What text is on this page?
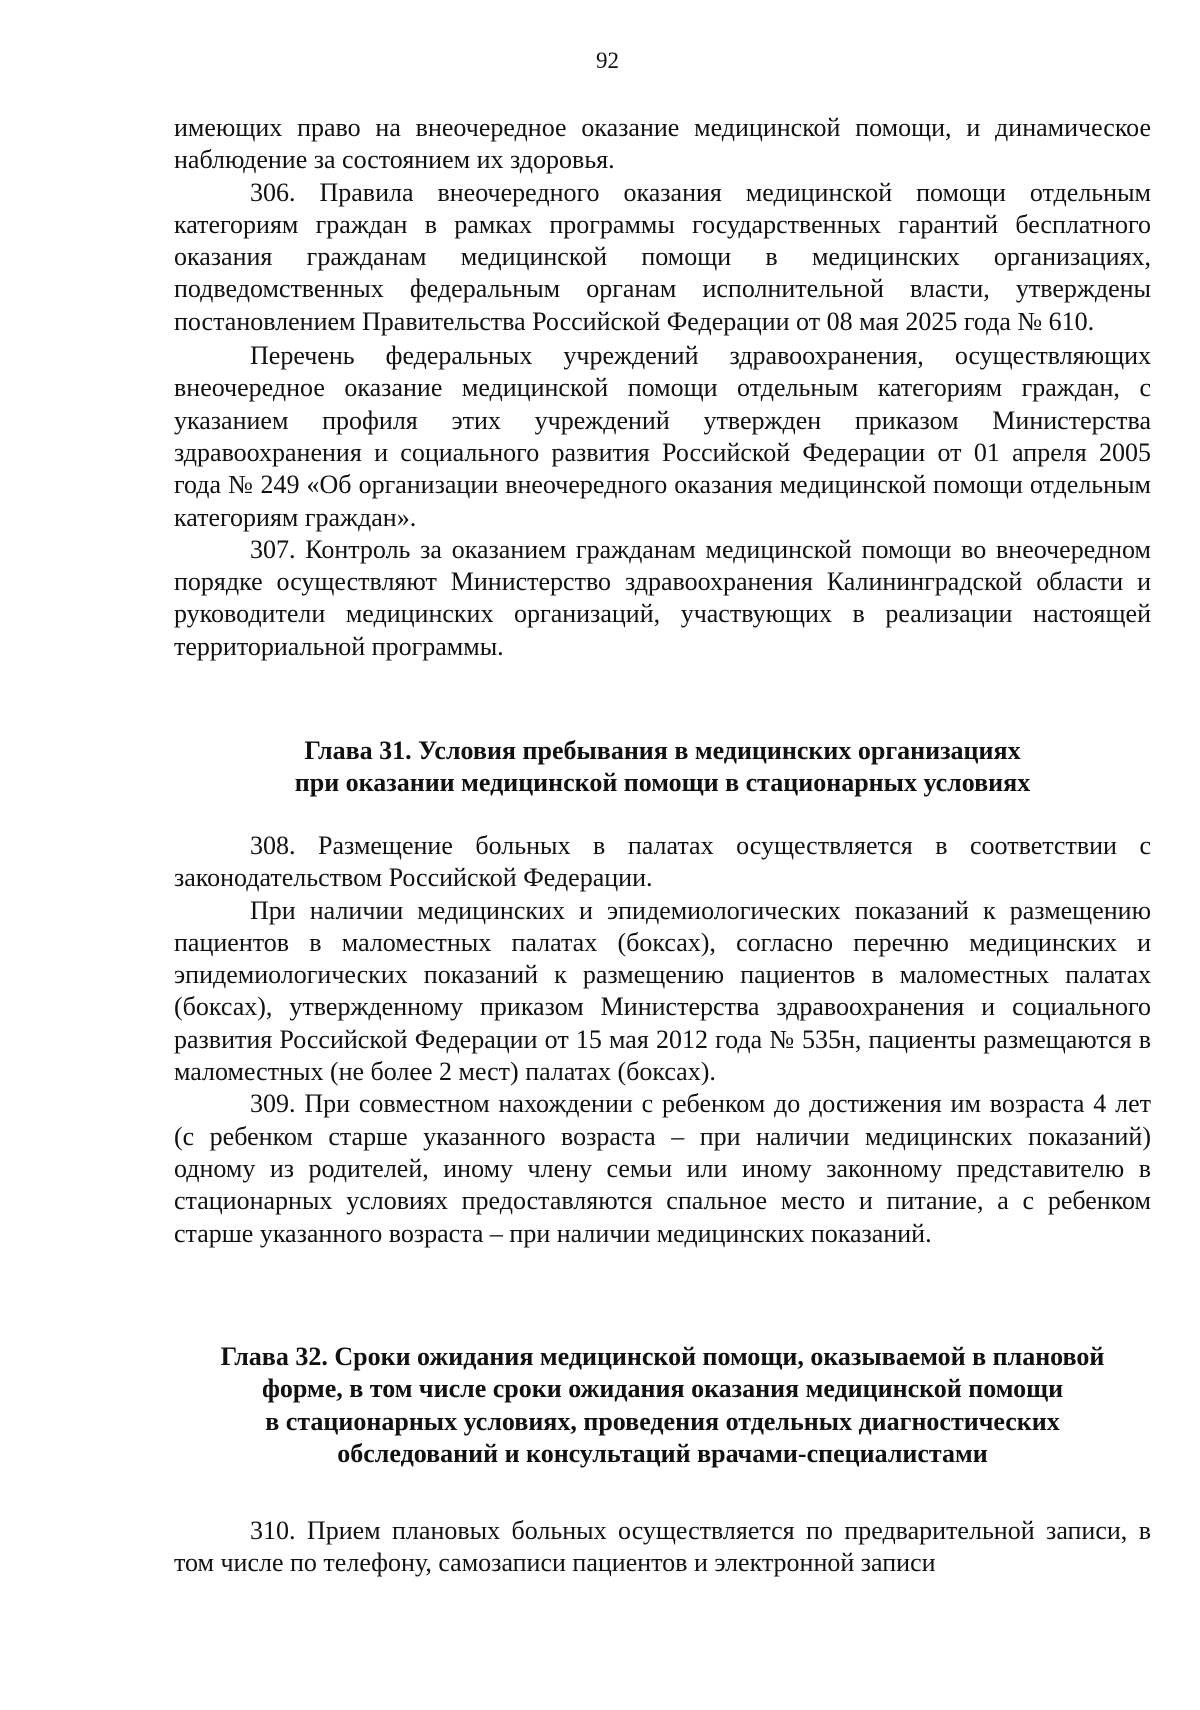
92

имеющих право на внеочередное оказание медицинской помощи, и динамическое наблюдение за состоянием их здоровья.

306. Правила внеочередного оказания медицинской помощи отдельным категориям граждан в рамках программы государственных гарантий бесплатного оказания гражданам медицинской помощи в медицинских организациях, подведомственных федеральным органам исполнительной власти, утверждены постановлением Правительства Российской Федерации от 08 мая 2025 года № 610.

Перечень федеральных учреждений здравоохранения, осуществляющих внеочередное оказание медицинской помощи отдельным категориям граждан, с указанием профиля этих учреждений утвержден приказом Министерства здравоохранения и социального развития Российской Федерации от 01 апреля 2005 года № 249 «Об организации внеочередного оказания медицинской помощи отдельным категориям граждан».

307. Контроль за оказанием гражданам медицинской помощи во внеочередном порядке осуществляют Министерство здравоохранения Калининградской области и руководители медицинских организаций, участвующих в реализации настоящей территориальной программы.

Глава 31. Условия пребывания в медицинских организациях
при оказании медицинской помощи в стационарных условиях

308. Размещение больных в палатах осуществляется в соответствии с законодательством Российской Федерации.

При наличии медицинских и эпидемиологических показаний к размещению пациентов в маломестных палатах (боксах), согласно перечню медицинских и эпидемиологических показаний к размещению пациентов в маломестных палатах (боксах), утвержденному приказом Министерства здравоохранения и социального развития Российской Федерации от 15 мая 2012 года № 535н, пациенты размещаются в маломестных (не более 2 мест) палатах (боксах).

309. При совместном нахождении с ребенком до достижения им возраста 4 лет (с ребенком старше указанного возраста – при наличии медицинских показаний) одному из родителей, иному члену семьи или иному законному представителю в стационарных условиях предоставляются спальное место и питание, а с ребенком старше указанного возраста – при наличии медицинских показаний.

Глава 32. Сроки ожидания медицинской помощи, оказываемой в плановой
форме, в том числе сроки ожидания оказания медицинской помощи
в стационарных условиях, проведения отдельных диагностических
обследований и консультаций врачами-специалистами

310. Прием плановых больных осуществляется по предварительной записи, в том числе по телефону, самозаписи пациентов и электронной записи
